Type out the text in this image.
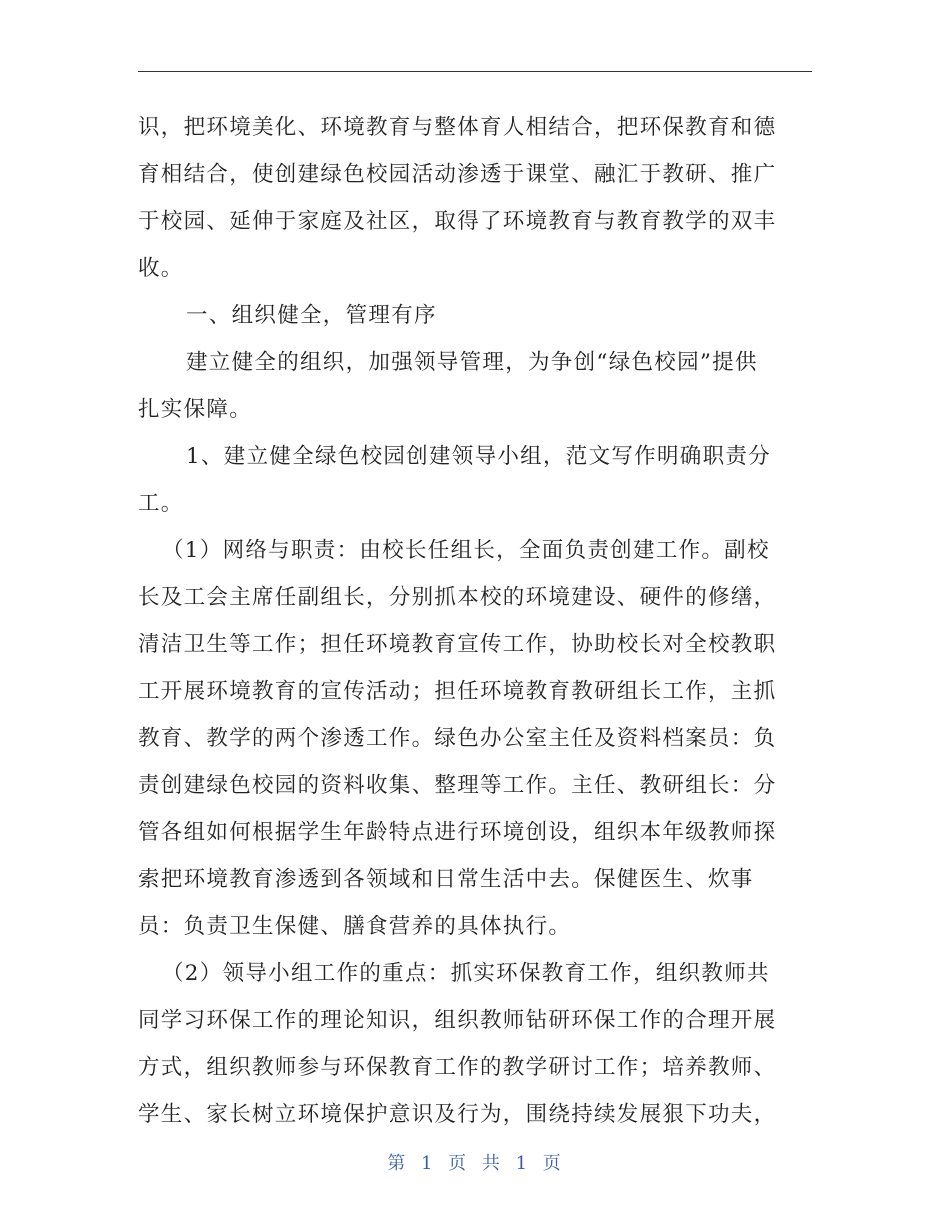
识，把环境美化、环境教育与整体育人相结合，把环保教育和德
育相结合，使创建绿色校园活动渗透于课堂、融汇于教研、推广
于校园、延伸于家庭及社区，取得了环境教育与教育教学的双丰
收。
一、组织健全，管理有序
建立健全的组织，加强领导管理，为争创“绿色校园”提供
扎实保障。
1、建立健全绿色校园创建领导小组，范文写作明确职责分
工。
（1）网络与职责：由校长任组长，全面负责创建工作。副校
长及工会主席任副组长，分别抓本校的环境建设、硬件的修缮，
清洁卫生等工作；担任环境教育宣传工作，协助校长对全校教职
工开展环境教育的宣传活动；担任环境教育教研组长工作，主抓
教育、教学的两个渗透工作。绿色办公室主任及资料档案员：负
责创建绿色校园的资料收集、整理等工作。主任、教研组长：分
管各组如何根据学生年龄特点进行环境创设，组织本年级教师探
索把环境教育渗透到各领域和日常生活中去。保健医生、炊事
员：负责卫生保健、膳食营养的具体执行。
（2）领导小组工作的重点：抓实环保教育工作，组织教师共
同学习环保工作的理论知识，组织教师钻研环保工作的合理开展
方式，组织教师参与环保教育工作的教学研讨工作；培养教师、
学生、家长树立环境保护意识及行为，围绕持续发展狠下功夫，
第 1 页 共 1 页
